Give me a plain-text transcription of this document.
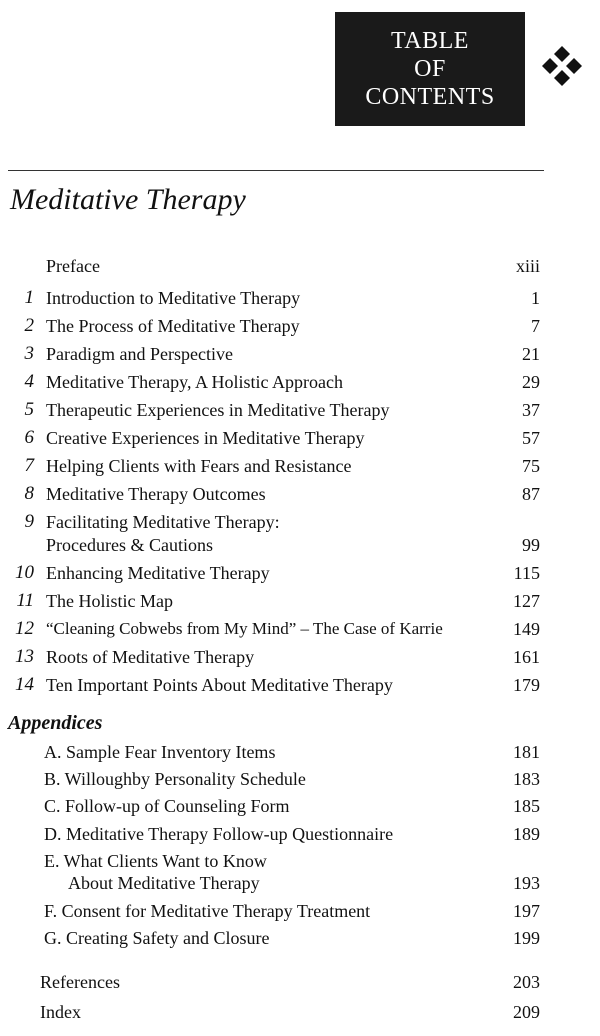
TABLE
OF
CONTENTS
Meditative Therapy
Preface	xiii
1 Introduction to Meditative Therapy	1
2 The Process of Meditative Therapy	7
3 Paradigm and Perspective	21
4 Meditative Therapy, A Holistic Approach	29
5 Therapeutic Experiences in Meditative Therapy	37
6 Creative Experiences in Meditative Therapy	57
7 Helping Clients with Fears and Resistance	75
8 Meditative Therapy Outcomes	87
9 Facilitating Meditative Therapy:
Procedures & Cautions	99
10 Enhancing Meditative Therapy	115
11 The Holistic Map	127
12 “Cleaning Cobwebs from My Mind” – The Case of Karrie	149
13 Roots of Meditative Therapy	161
14 Ten Important Points About Meditative Therapy	179
Appendices
A. Sample Fear Inventory Items	181
B. Willoughby Personality Schedule	183
C. Follow-up of Counseling Form	185
D. Meditative Therapy Follow-up Questionnaire	189
E. What Clients Want to Know
About Meditative Therapy	193
F. Consent for Meditative Therapy Treatment	197
G. Creating Safety and Closure	199
References	203
Index	209
